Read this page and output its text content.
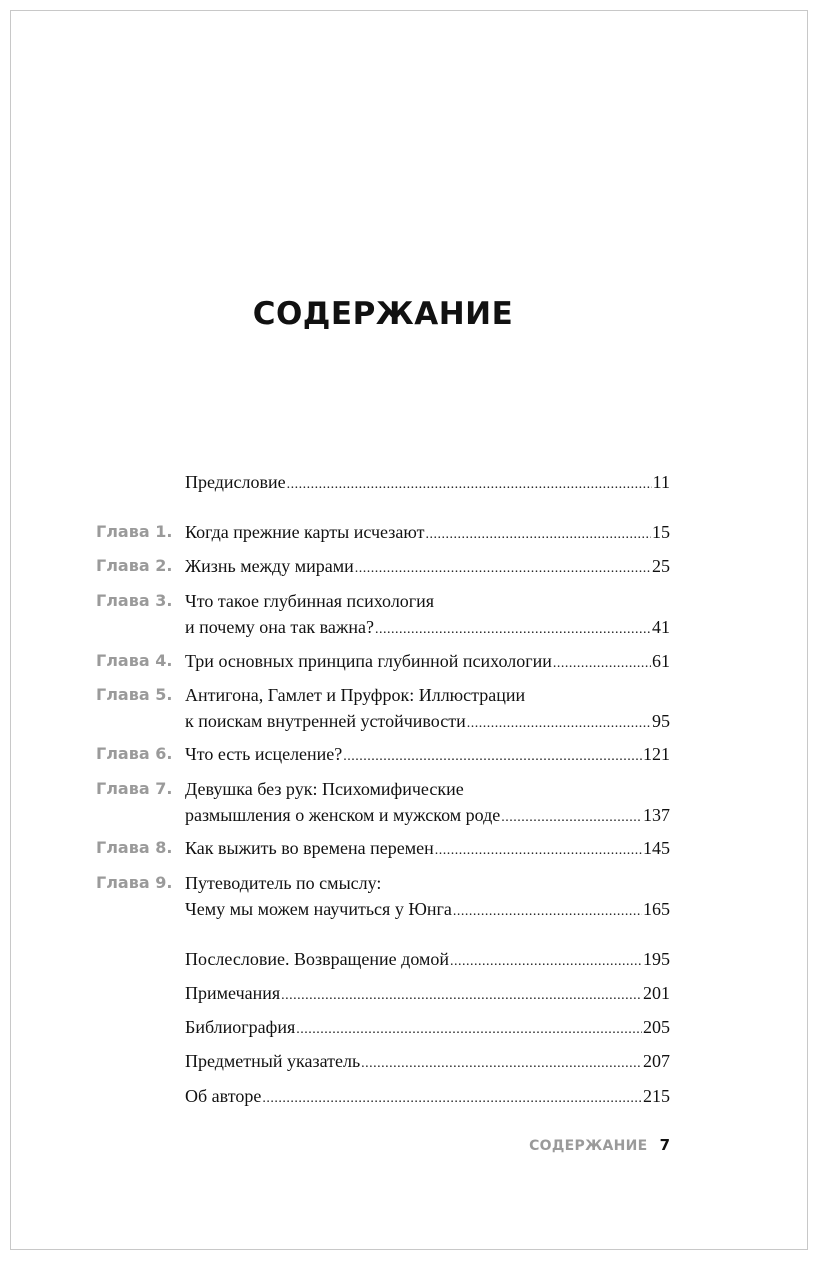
СОДЕРЖАНИЕ
Предисловие .....	11
Глава 1. Когда прежние карты исчезают .....	15
Глава 2. Жизнь между мирами .....	25
Глава 3. Что такое глубинная психология
и почему она так важна? .....	41
Глава 4. Три основных принципа глубинной психологии .....	61
Глава 5. Антигона, Гамлет и Пруфрок: Иллюстрации
к поискам внутренней устойчивости .....	95
Глава 6. Что есть исцеление? .....	121
Глава 7. Девушка без рук: Психомифические
размышления о женском и мужском роде .....	137
Глава 8. Как выжить во времена перемен .....	145
Глава 9. Путеводитель по смыслу:
Чему мы можем научиться у Юнга .....	165
Послесловие. Возвращение домой .....	195
Примечания .....	201
Библиография .....	205
Предметный указатель .....	207
Об авторе .....	215
СОДЕРЖАНИЕ 7
